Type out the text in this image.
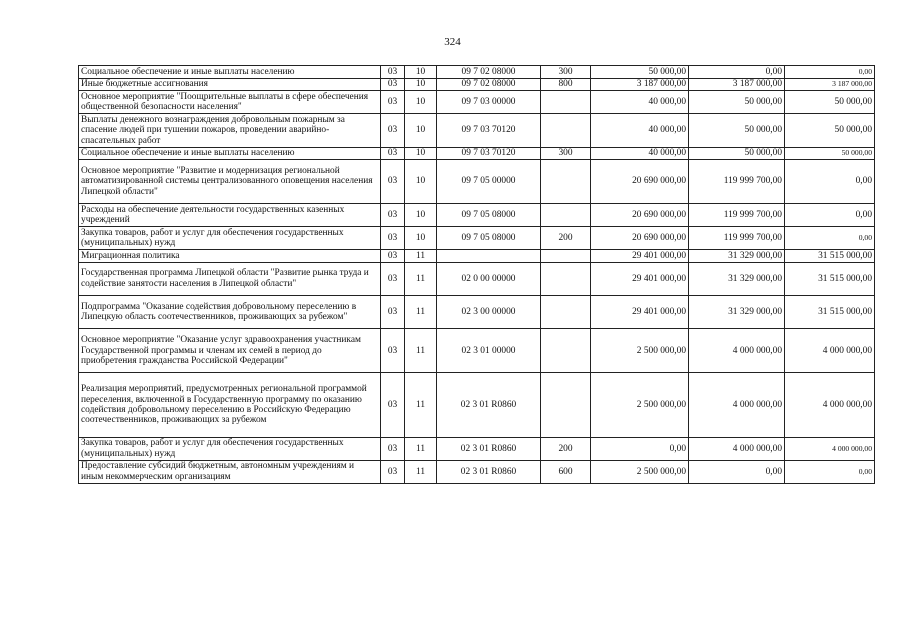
324
Социальное обеспечение и иные выплаты населению	03	10	09 7 02 08000	300	50 000,00	0,00	0,00
Иные бюджетные ассигнования	03	10	09 7 02 08000	800	3 187 000,00	3 187 000,00	3 187 000,00
Основное мероприятие "Поощрительные выплаты в сфере обеспечения общественной безопасности населения"	03	10	09 7 03 00000		40 000,00	50 000,00	50 000,00
Выплаты денежного вознаграждения добровольным пожарным за спасение людей при тушении пожаров, проведении аварийно-спасательных работ	03	10	09 7 03 70120		40 000,00	50 000,00	50 000,00
Социальное обеспечение и иные выплаты населению	03	10	09 7 03 70120	300	40 000,00	50 000,00	50 000,00
Основное мероприятие "Развитие и модернизация региональной автоматизированной системы централизованного оповещения населения Липецкой области"	03	10	09 7 05 00000		20 690 000,00	119 999 700,00	0,00
Расходы на обеспечение деятельности государственных казенных учреждений	03	10	09 7 05 08000		20 690 000,00	119 999 700,00	0,00
Закупка товаров, работ и услуг для обеспечения государственных (муниципальных) нужд	03	10	09 7 05 08000	200	20 690 000,00	119 999 700,00	0,00
Миграционная политика	03	11			29 401 000,00	31 329 000,00	31 515 000,00
Государственная программа Липецкой области "Развитие рынка труда и содействие занятости населения в Липецкой области"	03	11	02 0 00 00000		29 401 000,00	31 329 000,00	31 515 000,00
Подпрограмма "Оказание содействия добровольному переселению в Липецкую область соотечественников, проживающих за рубежом"	03	11	02 3 00 00000		29 401 000,00	31 329 000,00	31 515 000,00
Основное мероприятие "Оказание услуг здравоохранения участникам Государственной программы и членам их семей в период до приобретения гражданства Российской Федерации"	03	11	02 3 01 00000		2 500 000,00	4 000 000,00	4 000 000,00
Реализация мероприятий, предусмотренных региональной программой переселения, включенной в Государственную программу по оказанию содействия добровольному переселению в Российскую Федерацию соотечественников, проживающих за рубежом	03	11	02 3 01 R0860		2 500 000,00	4 000 000,00	4 000 000,00
Закупка товаров, работ и услуг для обеспечения государственных (муниципальных) нужд	03	11	02 3 01 R0860	200	0,00	4 000 000,00	4 000 000,00
Предоставление субсидий бюджетным, автономным учреждениям и иным некоммерческим организациям	03	11	02 3 01 R0860	600	2 500 000,00	0,00	0,00
